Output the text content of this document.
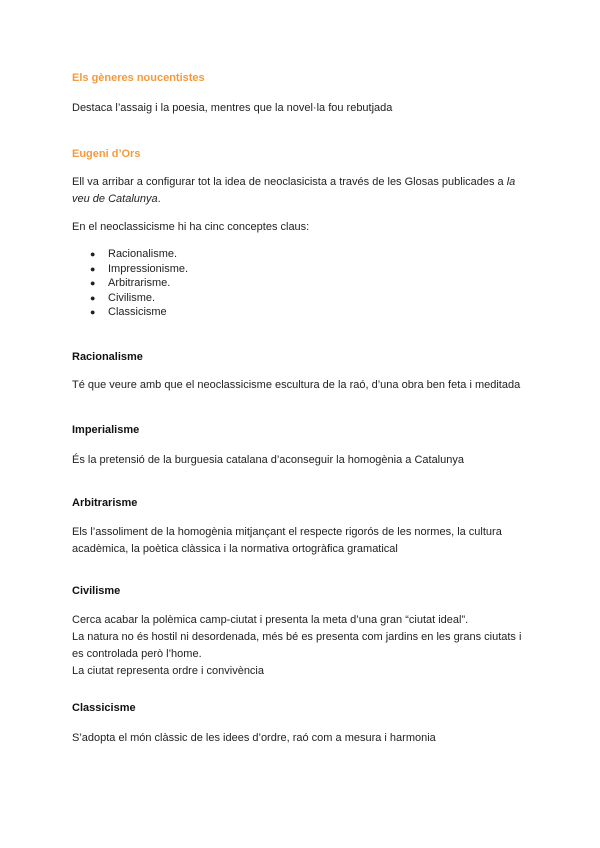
Els gèneres noucentistes

Destaca l’assaig i la poesia, mentres que la novel·la fou rebutjada

Eugeni d’Ors

Ell va arribar a configurar tot la idea de neoclasicista a través de les Glosas publicades a la
veu de Catalunya.

En el neoclassicisme hi ha cinc conceptes claus:

● Racionalisme.
● Impressionisme.
● Arbitrarisme.
● Civilisme.
● Classicisme
Racionalisme

Té que veure amb que el neoclassicisme escultura de la raó, d’una obra ben feta i meditada

Imperialisme

És la pretensió de la burguesia catalana d’aconseguir la homogènia a Catalunya

Arbitrarisme

Els l’assoliment de la homogènia mitjançant el respecte rigorós de les normes, la cultura
acadèmica, la poètica clàssica i la normativa ortogràfica gramatical

Civilisme

Cerca acabar la polèmica camp-ciutat i presenta la meta d’una gran “ciutat ideal”.
La natura no és hostil ni desordenada, més bé es presenta com jardins en les grans ciutats i
es controlada però l’home.
La ciutat representa ordre i convivència

Classicisme

S’adopta el món clàssic de les idees d’ordre, raó com a mesura i harmonia
